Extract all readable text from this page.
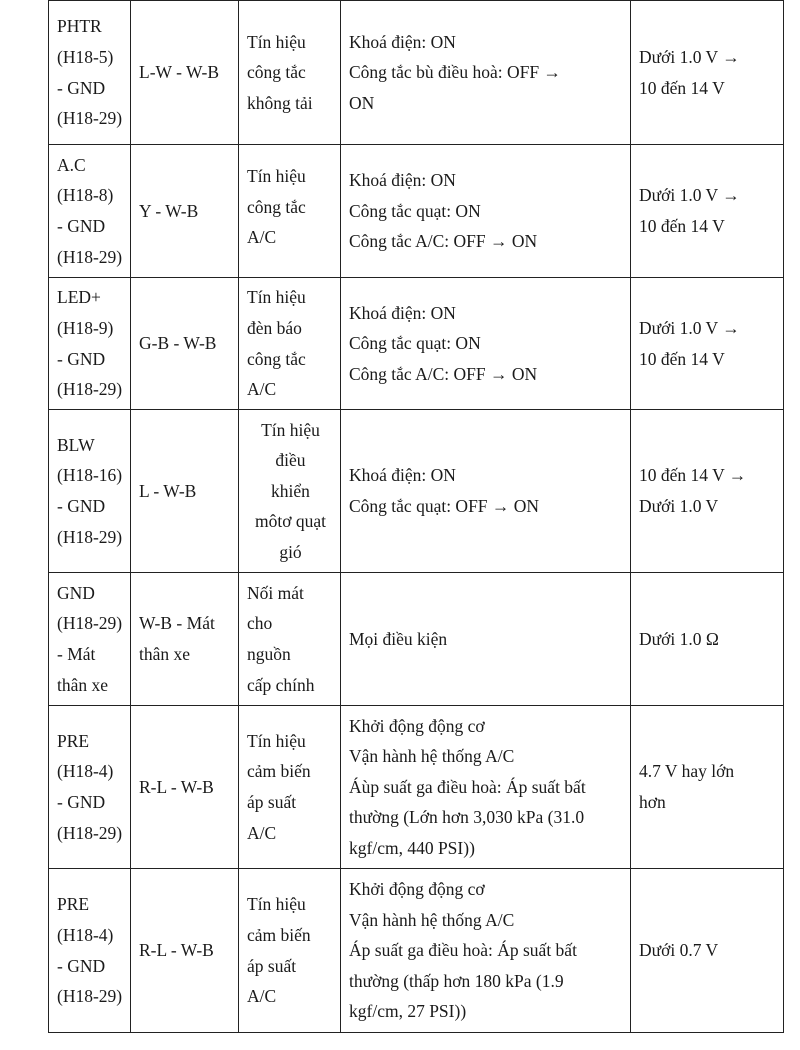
PHTR
(H18-5)
- GND
(H18-29)	L-W - W-B	Tín hiệu
công tắc
không tải	Khoá điện: ON
Công tắc bù điều hoà: OFF →
ON	Dưới 1.0 V →
10 đến 14 V

A.C
(H18-8)
- GND
(H18-29)	Y - W-B	Tín hiệu
công tắc
A/C	Khoá điện: ON
Công tắc quạt: ON
Công tắc A/C: OFF → ON	Dưới 1.0 V →
10 đến 14 V

LED+
(H18-9)
- GND
(H18-29)	G-B - W-B	Tín hiệu
đèn báo
công tắc
A/C	Khoá điện: ON
Công tắc quạt: ON
Công tắc A/C: OFF → ON	Dưới 1.0 V →
10 đến 14 V

BLW
(H18-16)
- GND
(H18-29)	L - W-B	Tín hiệu
điều
khiển
môtơ quạt
gió	Khoá điện: ON
Công tắc quạt: OFF → ON	10 đến 14 V →
Dưới 1.0 V

GND
(H18-29)
- Mát
thân xe	W-B - Mát
thân xe	Nối mát
cho
nguồn
cấp chính	Mọi điều kiện	Dưới 1.0 Ω

PRE
(H18-4)
- GND
(H18-29)	R-L - W-B	Tín hiệu
cảm biến
áp suất
A/C	Khởi động động cơ
Vận hành hệ thống A/C
Áùp suất ga điều hoà: Áp suất bất
thường (Lớn hơn 3,030 kPa (31.0
kgf/cm, 440 PSI))	4.7 V hay lớn
hơn

PRE
(H18-4)
- GND
(H18-29)	R-L - W-B	Tín hiệu
cảm biến
áp suất
A/C	Khởi động động cơ
Vận hành hệ thống A/C
Áp suất ga điều hoà: Áp suất bất
thường (thấp hơn 180 kPa (1.9
kgf/cm, 27 PSI))	Dưới 0.7 V
